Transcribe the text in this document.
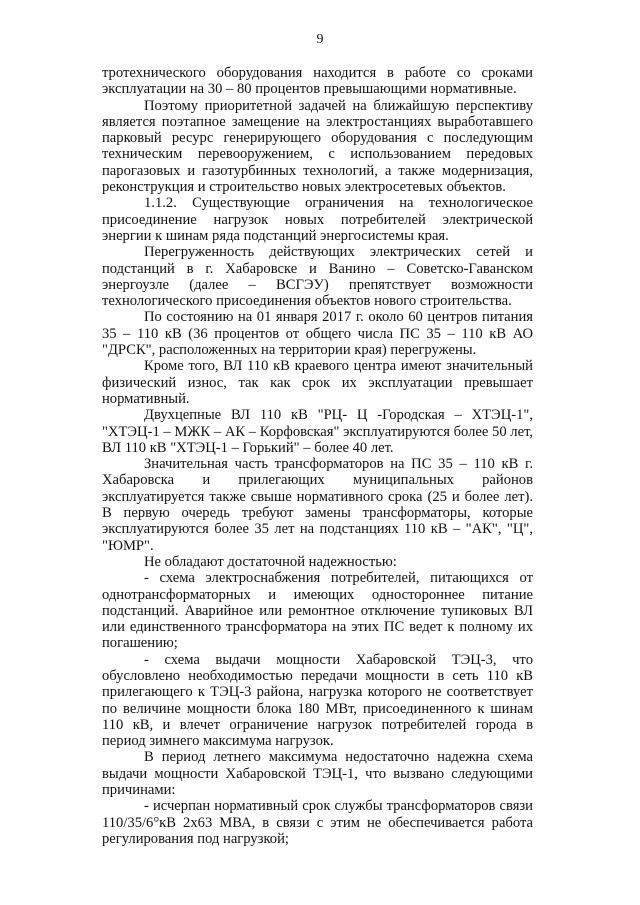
9

тротехнического оборудования находится в работе со сроками эксплуатации на 30 – 80 процентов превышающими нормативные.

Поэтому приоритетной задачей на ближайшую перспективу является поэтапное замещение на электростанциях выработавшего парковый ресурс генерирующего оборудования с последующим техническим перевооружением, с использованием передовых парогазовых и газотурбинных технологий, а также модернизация, реконструкция и строительство новых электросетевых объектов.

1.1.2. Существующие ограничения на технологическое присоединение нагрузок новых потребителей электрической энергии к шинам ряда подстанций энергосистемы края.

Перегруженность действующих электрических сетей и подстанций в г. Хабаровске и Ванино – Советско-Гаванском энергоузле (далее – ВСГЭУ) препятствует возможности технологического присоединения объектов нового строительства.

По состоянию на 01 января 2017 г. около 60 центров питания 35 – 110 кВ (36 процентов от общего числа ПС 35 – 110 кВ АО "ДРСК", расположенных на территории края) перегружены.

Кроме того, ВЛ 110 кВ краевого центра имеют значительный физический износ, так как срок их эксплуатации превышает нормативный.

Двухцепные ВЛ 110 кВ "РЦ- Ц -Городская – ХТЭЦ-1", "ХТЭЦ-1 – МЖК – АК – Корфовская" эксплуатируются более 50 лет, ВЛ 110 кВ "ХТЭЦ-1 – Горький" – более 40 лет.

Значительная часть трансформаторов на ПС 35 – 110 кВ г. Хабаровска и прилегающих муниципальных районов эксплуатируется также свыше нормативного срока (25 и более лет). В первую очередь требуют замены трансформаторы, которые эксплуатируются более 35 лет на подстанциях 110 кВ – "АК", "Ц", "ЮМР".

Не обладают достаточной надежностью:

- схема электроснабжения потребителей, питающихся от однотрансформаторных и имеющих одностороннее питание подстанций. Аварийное или ремонтное отключение тупиковых ВЛ или единственного трансформатора на этих ПС ведет к полному их погашению;

- схема выдачи мощности Хабаровской ТЭЦ-3, что обусловлено необходимостью передачи мощности в сеть 110 кВ прилегающего к ТЭЦ-3 района, нагрузка которого не соответствует по величине мощности блока 180 МВт, присоединенного к шинам 110 кВ, и влечет ограничение нагрузок потребителей города в период зимнего максимума нагрузок.

В период летнего максимума недостаточно надежна схема выдачи мощности Хабаровской ТЭЦ-1, что вызвано следующими причинами:

- исчерпан нормативный срок службы трансформаторов связи 110/35/6°кВ 2х63 МВА, в связи с этим не обеспечивается работа регулирования под нагрузкой;
